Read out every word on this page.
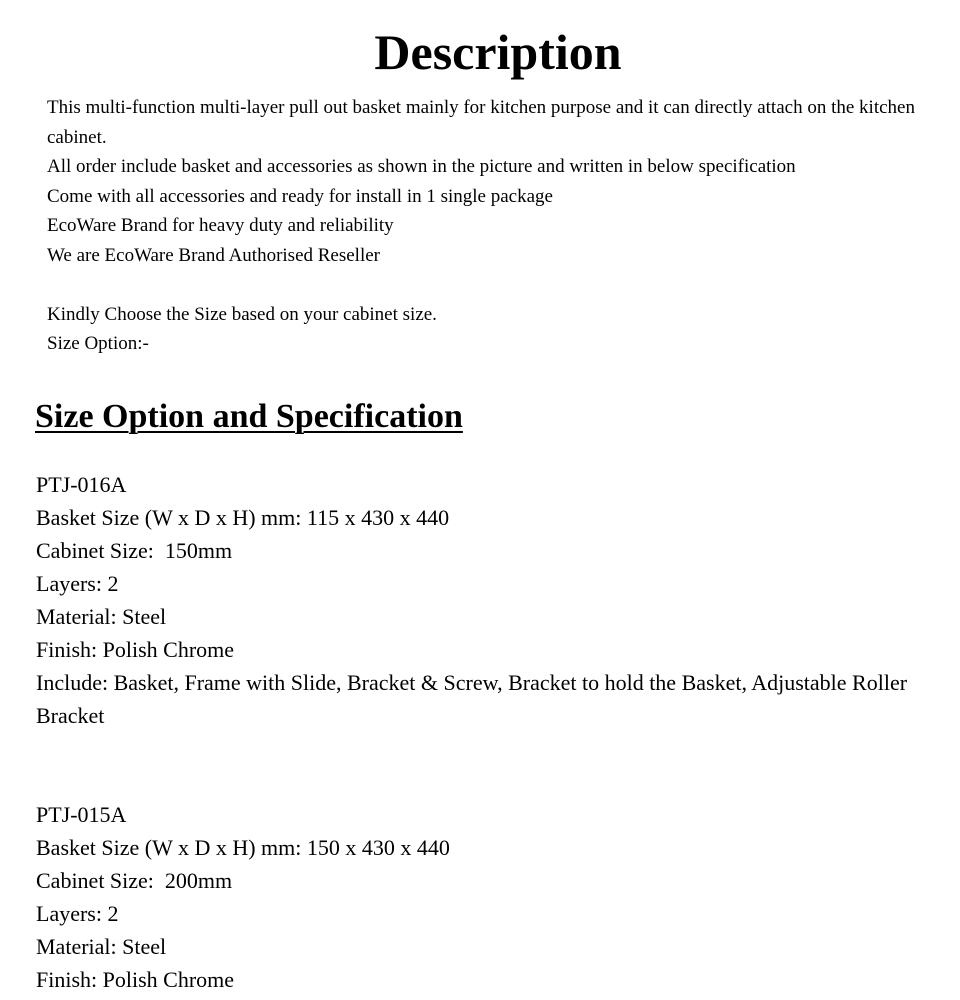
Description

This multi-function multi-layer pull out basket mainly for kitchen purpose and it can directly attach on the kitchen cabinet.

All order include basket and accessories as shown in the picture and written in below specification

Come with all accessories and ready for install in 1 single package

EcoWare Brand for heavy duty and reliability

We are EcoWare Brand Authorised Reseller

Kindly Choose the Size based on your cabinet size.

Size Option:-

Size Option and Specification

PTJ-016A

Basket Size (W x D x H) mm: 115 x 430 x 440

Cabinet Size:  150mm

Layers: 2

Material: Steel

Finish: Polish Chrome

Include: Basket, Frame with Slide, Bracket & Screw, Bracket to hold the Basket, Adjustable Roller Bracket

PTJ-015A

Basket Size (W x D x H) mm: 150 x 430 x 440

Cabinet Size:  200mm

Layers: 2

Material: Steel

Finish: Polish Chrome
